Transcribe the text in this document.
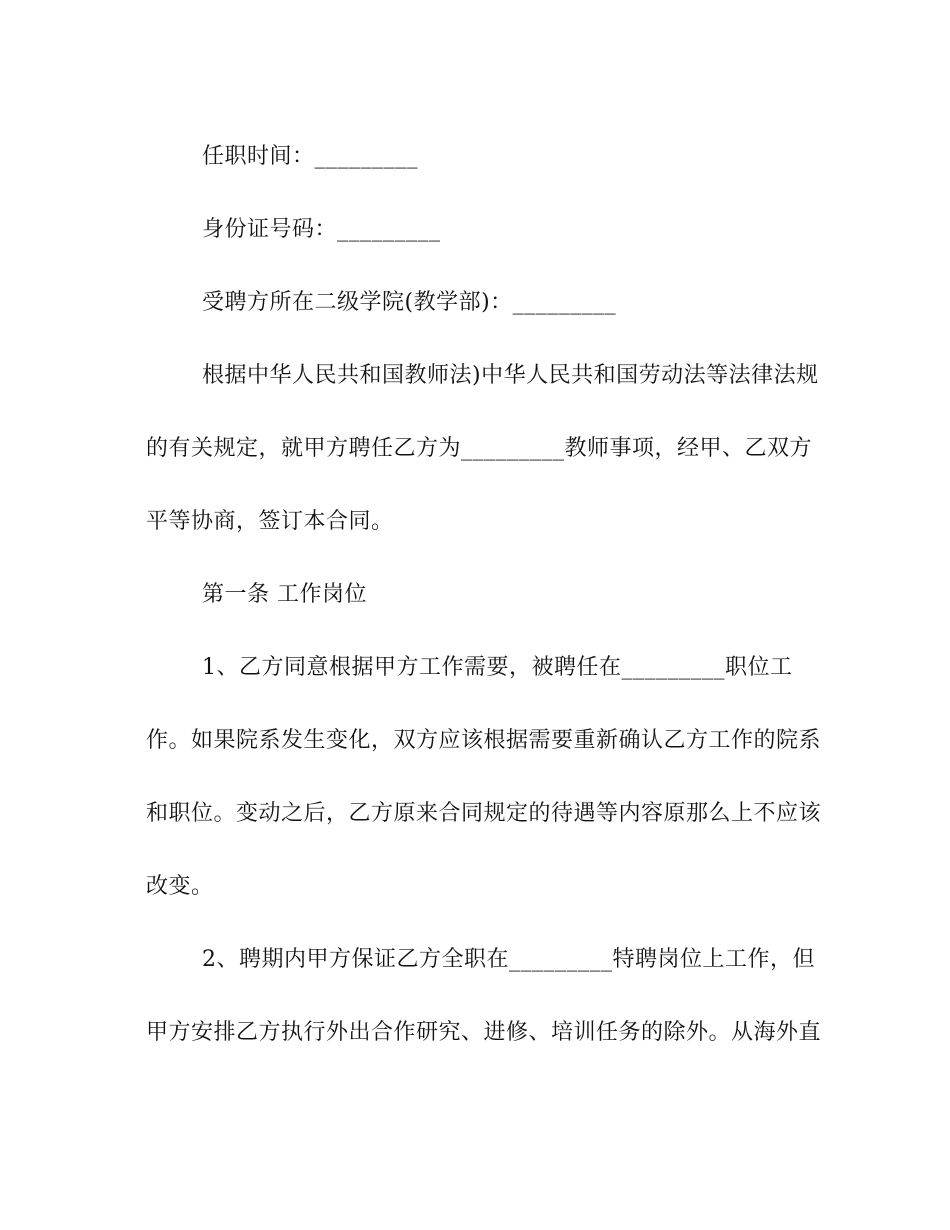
任职时间：_________
身份证号码：_________
受聘方所在二级学院(教学部)：_________
根据中华人民共和国教师法)中华人民共和国劳动法等法律法规
的有关规定，就甲方聘任乙方为_________教师事项，经甲、乙双方
平等协商，签订本合同。
第一条 工作岗位
1、乙方同意根据甲方工作需要，被聘任在_________职位工
作。如果院系发生变化，双方应该根据需要重新确认乙方工作的院系
和职位。变动之后，乙方原来合同规定的待遇等内容原那么上不应该
改变。
2、聘期内甲方保证乙方全职在_________特聘岗位上工作，但
甲方安排乙方执行外出合作研究、进修、培训任务的除外。从海外直
